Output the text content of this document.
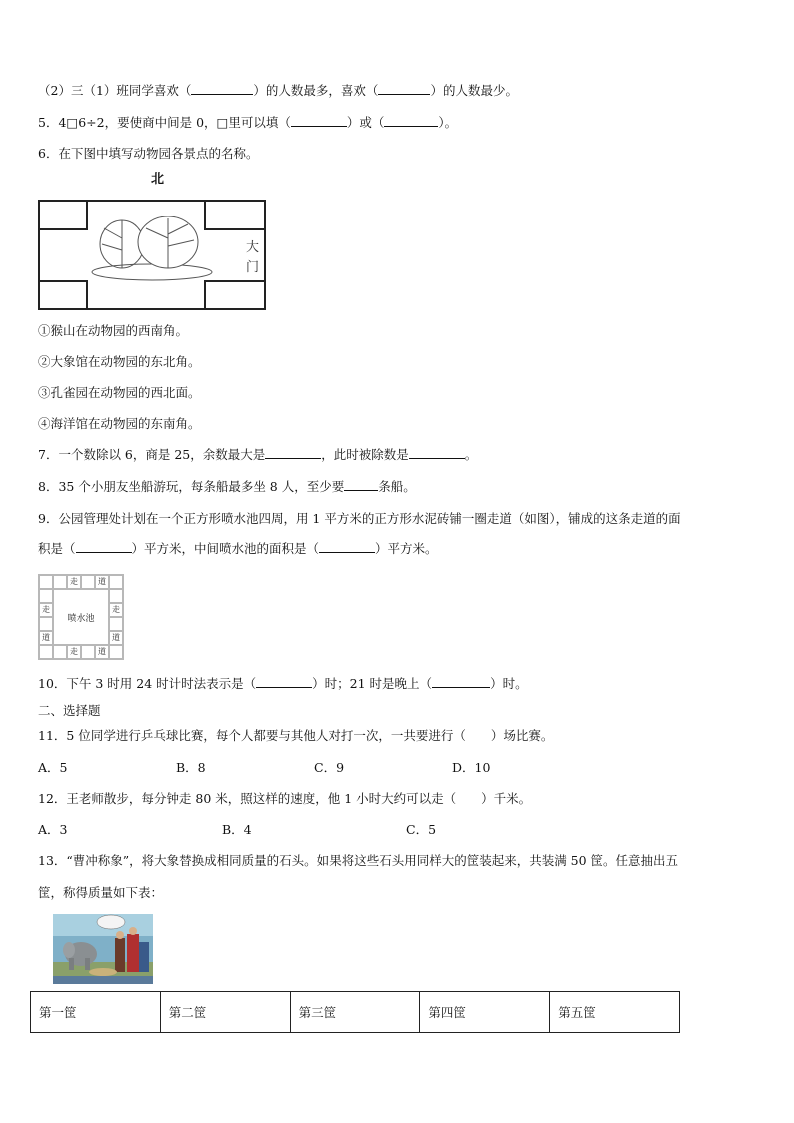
（2）三（1）班同学喜欢（	）的人数最多，喜欢（	）的人数最少。
5．4□6÷2，要使商中间是 0，□里可以填（	）或（	）。
6．在下图中填写动物园各景点的名称。
北
大
门
①猴山在动物园的西南角。
②大象馆在动物园的东北角。
③孔雀园在动物园的西北面。
④海洋馆在动物园的东南角。
7．一个数除以 6，商是 25，余数最大是	，此时被除数是	。
8．35 个小朋友坐船游玩，每条船最多坐 8 人，至少要	条船。
9．公园管理处计划在一个正方形喷水池四周，用 1 平方米的正方形水泥砖铺一圈走道（如图），铺成的这条走道的面
积是（	）平方米，中间喷水池的面积是（	）平方米。
走	道
走
道
走
道
走	道
喷水池
10．下午 3 时用 24 时计时法表示是（	）时；21 时是晚上（	）时。
二、选择题
11．5 位同学进行乒乓球比赛，每个人都要与其他人对打一次，一共要进行（　　）场比赛。
A．5	B．8	C．9	D．10
12．王老师散步，每分钟走 80 米，照这样的速度，他 1 小时大约可以走（　　）千米。
A．3	B．4	C．5
13．“曹冲称象”，将大象替换成相同质量的石头。如果将这些石头用同样大的筐装起来，共装满 50 筐。任意抽出五
筐，称得质量如下表：
第一筐	第二筐	第三筐	第四筐	第五筐
